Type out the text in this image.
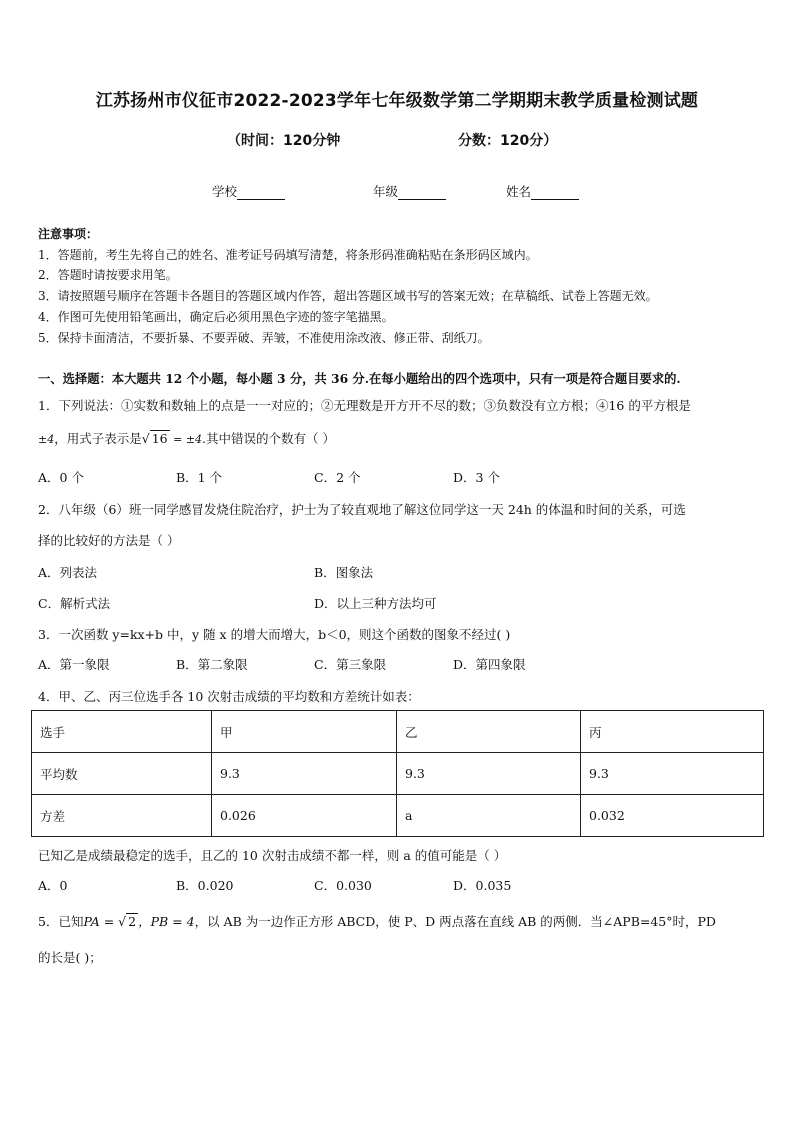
江苏扬州市仪征市2022-2023学年七年级数学第二学期期末教学质量检测试题
（时间：120分钟	分数：120分）
学校	年级	姓名
注意事项：
1．答题前，考生先将自己的姓名、准考证号码填写清楚，将条形码准确粘贴在条形码区域内。
2．答题时请按要求用笔。
3．请按照题号顺序在答题卡各题目的答题区域内作答，超出答题区域书写的答案无效；在草稿纸、试卷上答题无效。
4．作图可先使用铅笔画出，确定后必须用黑色字迹的签字笔描黑。
5．保持卡面清洁，不要折暴、不要弄破、弄皱，不准使用涂改液、修正带、刮纸刀。
一、选择题：本大题共 12 个小题，每小题 3 分，共 36 分.在每小题给出的四个选项中，只有一项是符合题目要求的.
1．下列说法：①实数和数轴上的点是一一对应的；②无理数是开方开不尽的数；③负数没有立方根；④16 的平方根是
±4，用式子表示是√ 16 = ±4.其中错误的个数有（ ）
A．0 个	B．1 个	C．2 个	D．3 个
2．八年级（6）班一同学感冒发烧住院治疗，护士为了较直观地了解这位同学这一天 24h 的体温和时间的关系，可选
择的比较好的方法是（ ）
A．列表法	B．图象法
C．解析式法	D．以上三种方法均可
3．一次函数 y=kx+b 中，y 随 x 的增大而增大，b＜0，则这个函数的图象不经过( )
A．第一象限	B．第二象限	C．第三象限	D．第四象限
4．甲、乙、丙三位选手各 10 次射击成绩的平均数和方差统计如表：
选手	甲	乙	丙
平均数	9.3	9.3	9.3
方差	0.026	a	0.032
已知乙是成绩最稳定的选手，且乙的 10 次射击成绩不都一样，则 a 的值可能是（ ）
A．0	B．0.020	C．0.030	D．0.035
5．已知PA = √ 2 ，PB = 4，以 AB 为一边作正方形 ABCD，使 P、D 两点落在直线 AB 的两侧．当∠APB=45°时，PD
的长是( )；
